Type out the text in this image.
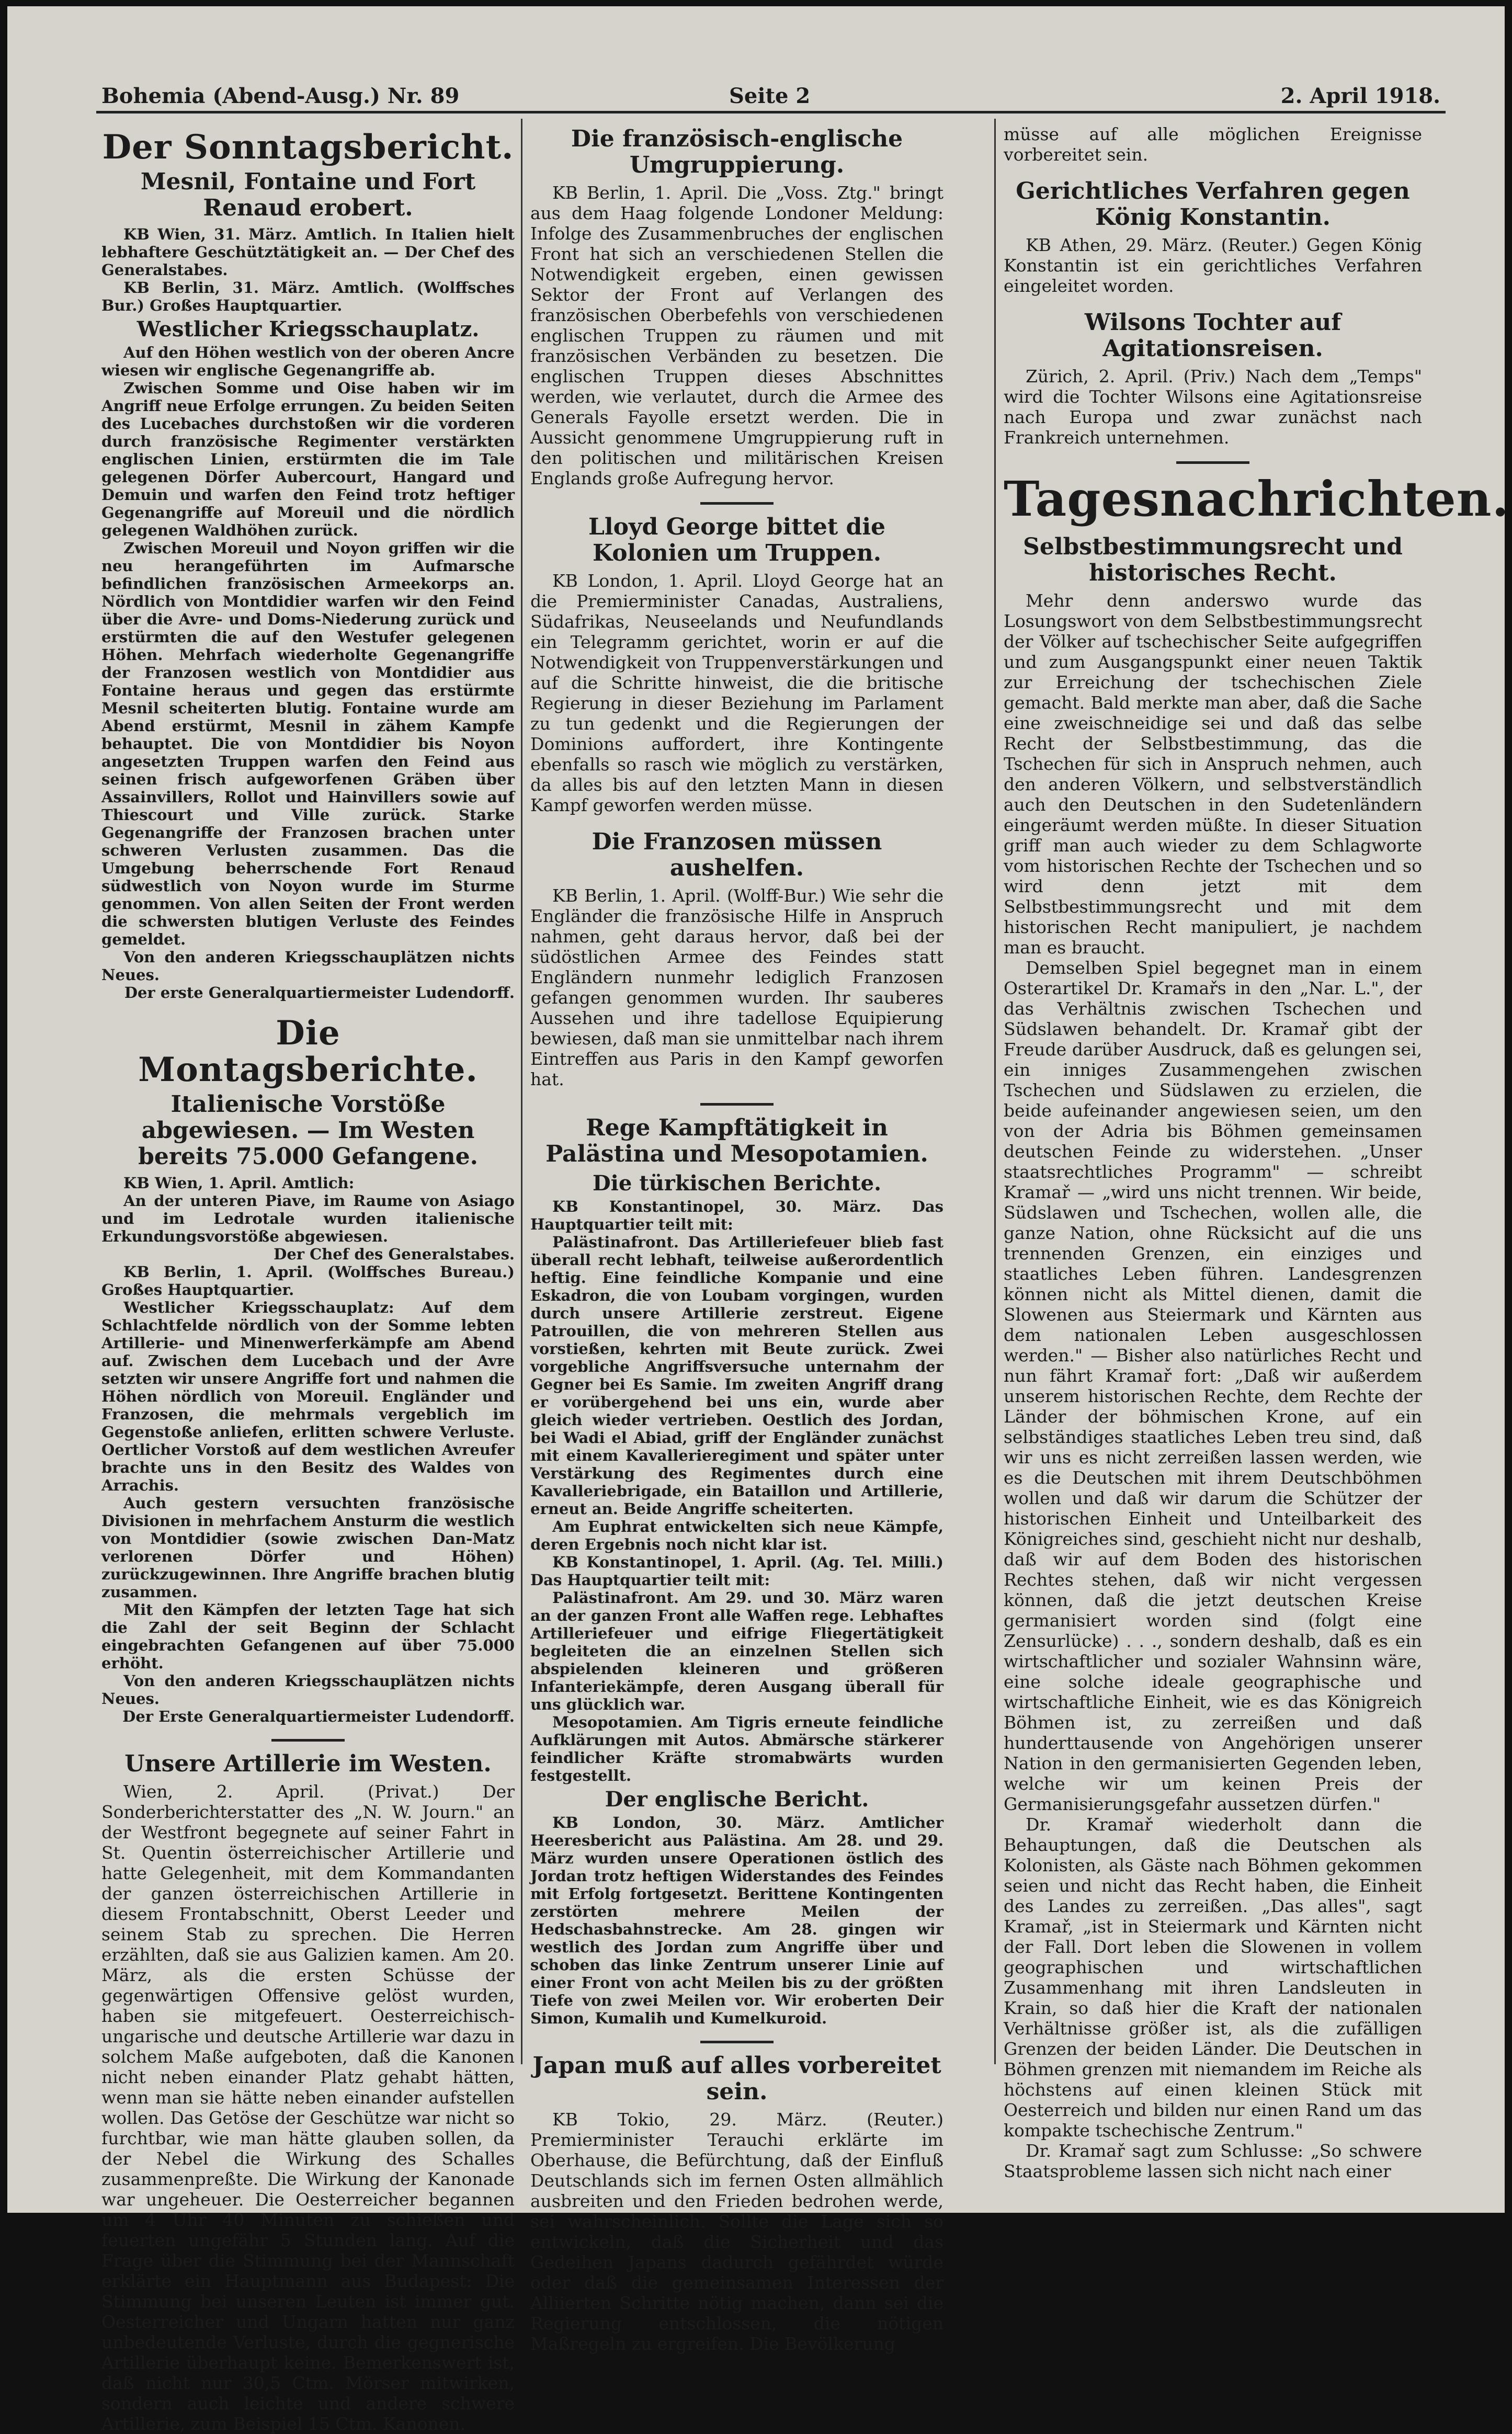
Bohemia (Abend-Ausg.) Nr. 89	Seite 2	2. April 1918.
Der Sonntagsbericht.
Mesnil, Fontaine und Fort Renaud erobert.

KB Wien, 31. März. Amtlich. In Italien hielt lebhaftere Geschütztätigkeit an. — Der Chef des Generalstabes.

KB Berlin, 31. März. Amtlich. (Wolffsches Bur.) Großes Hauptquartier.

Westlicher Kriegsschauplatz.

Auf den Höhen westlich von der oberen Ancre wiesen wir englische Gegenangriffe ab.

Zwischen Somme und Oise haben wir im Angriff neue Erfolge errungen. Zu beiden Seiten des Lucebaches durchstoßen wir die vorderen durch französische Regimenter verstärkten englischen Linien, erstürmten die im Tale gelegenen Dörfer Aubercourt, Hangard und Demuin und warfen den Feind trotz heftiger Gegenangriffe auf Moreuil und die nördlich gelegenen Waldhöhen zurück.

Zwischen Moreuil und Noyon griffen wir die neu herangeführten im Aufmarsche befindlichen französischen Armeekorps an. Nördlich von Montdidier warfen wir den Feind über die Avre- und Doms-Niederung zurück und erstürmten die auf den Westufer gelegenen Höhen. Mehrfach wiederholte Gegenangriffe der Franzosen westlich von Montdidier aus Fontaine heraus und gegen das erstürmte Mesnil scheiterten blutig. Fontaine wurde am Abend erstürmt, Mesnil in zähem Kampfe behauptet. Die von Montdidier bis Noyon angesetzten Truppen warfen den Feind aus seinen frisch aufgeworfenen Gräben über Assainvillers, Rollot und Hainvillers sowie auf Thiescourt und Ville zurück. Starke Gegenangriffe der Franzosen brachen unter schweren Verlusten zusammen. Das die Umgebung beherrschende Fort Renaud südwestlich von Noyon wurde im Sturme genommen. Von allen Seiten der Front werden die schwersten blutigen Verluste des Feindes gemeldet.

Von den anderen Kriegsschauplätzen nichts Neues.

Der erste Generalquartiermeister Ludendorff.

Die Montagsberichte.
Italienische Vorstöße abgewiesen. — Im Westen bereits 75.000 Gefangene.

KB Wien, 1. April. Amtlich:

An der unteren Piave, im Raume von Asiago und im Ledrotale wurden italienische Erkundungsvorstöße abgewiesen.

Der Chef des Generalstabes.

KB Berlin, 1. April. (Wolffsches Bureau.) Großes Hauptquartier.

Westlicher Kriegsschauplatz: Auf dem Schlachtfelde nördlich von der Somme lebten Artillerie- und Minenwerferkämpfe am Abend auf. Zwischen dem Lucebach und der Avre setzten wir unsere Angriffe fort und nahmen die Höhen nördlich von Moreuil. Engländer und Franzosen, die mehrmals vergeblich im Gegenstoße anliefen, erlitten schwere Verluste. Oertlicher Vorstoß auf dem westlichen Avreufer brachte uns in den Besitz des Waldes von Arrachis.

Auch gestern versuchten französische Divisionen in mehrfachem Ansturm die westlich von Montdidier (sowie zwischen Dan-Matz verlorenen Dörfer und Höhen) zurückzugewinnen. Ihre Angriffe brachen blutig zusammen.

Mit den Kämpfen der letzten Tage hat sich die Zahl der seit Beginn der Schlacht eingebrachten Gefangenen auf über 75.000 erhöht.

Von den anderen Kriegsschauplätzen nichts Neues.

Der Erste Generalquartiermeister Ludendorff.

Unsere Artillerie im Westen.

Wien, 2. April. (Privat.) Der Sonderberichterstatter des „N. W. Journ." an der Westfront begegnete auf seiner Fahrt in St. Quentin österreichischer Artillerie und hatte Gelegenheit, mit dem Kommandanten der ganzen österreichischen Artillerie in diesem Frontabschnitt, Oberst Leeder und seinem Stab zu sprechen. Die Herren erzählten, daß sie aus Galizien kamen. Am 20. März, als die ersten Schüsse der gegenwärtigen Offensive gelöst wurden, haben sie mitgefeuert. Oesterreichisch-ungarische und deutsche Artillerie war dazu in solchem Maße aufgeboten, daß die Kanonen nicht neben einander Platz gehabt hätten, wenn man sie hätte neben einander aufstellen wollen. Das Getöse der Geschütze war nicht so furchtbar, wie man hätte glauben sollen, da der Nebel die Wirkung des Schalles zusammenpreßte. Die Wirkung der Kanonade war ungeheuer. Die Oesterreicher begannen um 4 Uhr 40 Minuten zu schießen und feuerten ungefähr 5 Stunden lang. Auf die Frage über die Stimmung bei der Mannschaft erklärte ein Hauptmann aus Budapest: Die Stimmung bei unseren Leuten ist immer gut. Oesterreicher und Ungarn hatten nur ganz unbedeutende Verluste, durch die gegnerische Artillerie überhaupt keine. Bemerkenswert ist, daß nicht nur 30,5 Ctm. Mörser mitwirken, sondern auch leichte und andere schwere Artillerie, zum Beispiel 15 Ctm. Kanonen.

Die französisch-englische Umgruppierung.

KB Berlin, 1. April. Die „Voss. Ztg." bringt aus dem Haag folgende Londoner Meldung: Infolge des Zusammenbruches der englischen Front hat sich an verschiedenen Stellen die Notwendigkeit ergeben, einen gewissen Sektor der Front auf Verlangen des französischen Oberbefehls von verschiedenen englischen Truppen zu räumen und mit französischen Verbänden zu besetzen. Die englischen Truppen dieses Abschnittes werden, wie verlautet, durch die Armee des Generals Fayolle ersetzt werden. Die in Aussicht genommene Umgruppierung ruft in den politischen und militärischen Kreisen Englands große Aufregung hervor.

Lloyd George bittet die Kolonien um Truppen.

KB London, 1. April. Lloyd George hat an die Premierminister Canadas, Australiens, Südafrikas, Neuseelands und Neufundlands ein Telegramm gerichtet, worin er auf die Notwendigkeit von Truppenverstärkungen und auf die Schritte hinweist, die die britische Regierung in dieser Beziehung im Parlament zu tun gedenkt und die Regierungen der Dominions auffordert, ihre Kontingente ebenfalls so rasch wie möglich zu verstärken, da alles bis auf den letzten Mann in diesen Kampf geworfen werden müsse.

Die Franzosen müssen aushelfen.

KB Berlin, 1. April. (Wolff-Bur.) Wie sehr die Engländer die französische Hilfe in Anspruch nahmen, geht daraus hervor, daß bei der südöstlichen Armee des Feindes statt Engländern nunmehr lediglich Franzosen gefangen genommen wurden. Ihr sauberes Aussehen und ihre tadellose Equipierung bewiesen, daß man sie unmittelbar nach ihrem Eintreffen aus Paris in den Kampf geworfen hat.

Rege Kampftätigkeit in Palästina und Mesopotamien.
Die türkischen Berichte.

KB Konstantinopel, 30. März. Das Hauptquartier teilt mit:

Palästinafront. Das Artilleriefeuer blieb fast überall recht lebhaft, teilweise außerordentlich heftig. Eine feindliche Kompanie und eine Eskadron, die von Loubam vorgingen, wurden durch unsere Artillerie zerstreut. Eigene Patrouillen, die von mehreren Stellen aus vorstießen, kehrten mit Beute zurück. Zwei vorgebliche Angriffsversuche unternahm der Gegner bei Es Samie. Im zweiten Angriff drang er vorübergehend bei uns ein, wurde aber gleich wieder vertrieben. Oestlich des Jordan, bei Wadi el Abiad, griff der Engländer zunächst mit einem Kavallerieregiment und später unter Verstärkung des Regimentes durch eine Kavalleriebrigade, ein Bataillon und Artillerie, erneut an. Beide Angriffe scheiterten.

Am Euphrat entwickelten sich neue Kämpfe, deren Ergebnis noch nicht klar ist.

KB Konstantinopel, 1. April. (Ag. Tel. Milli.) Das Hauptquartier teilt mit:

Palästinafront. Am 29. und 30. März waren an der ganzen Front alle Waffen rege. Lebhaftes Artilleriefeuer und eifrige Fliegertätigkeit begleiteten die an einzelnen Stellen sich abspielenden kleineren und größeren Infanteriekämpfe, deren Ausgang überall für uns glücklich war.

Mesopotamien. Am Tigris erneute feindliche Aufklärungen mit Autos. Abmärsche stärkerer feindlicher Kräfte stromabwärts wurden festgestellt.

Der englische Bericht.

KB London, 30. März. Amtlicher Heeresbericht aus Palästina. Am 28. und 29. März wurden unsere Operationen östlich des Jordan trotz heftigen Widerstandes des Feindes mit Erfolg fortgesetzt. Berittene Kontingenten zerstörten mehrere Meilen der Hedschasbahnstrecke. Am 28. gingen wir westlich des Jordan zum Angriffe über und schoben das linke Zentrum unserer Linie auf einer Front von acht Meilen bis zu der größten Tiefe von zwei Meilen vor. Wir eroberten Deir Simon, Kumalih und Kumelkuroid.

Japan muß auf alles vorbereitet sein.

KB Tokio, 29. März. (Reuter.) Premierminister Terauchi erklärte im Oberhause, die Befürchtung, daß der Einfluß Deutschlands sich im fernen Osten allmählich ausbreiten und den Frieden bedrohen werde, sei wahrscheinlich. Sollte die Lage sich so entwickeln, daß die Sicherheit und das Gedeihen Japans dadurch gefährdet würde oder daß die gemeinsamen Interessen der Alliierten Schritte nötig machen, dann sei die Regierung entschlossen, die nötigen Maßregeln zu ergreifen. Die Bevölkerung

müsse auf alle möglichen Ereignisse vorbereitet sein.

Gerichtliches Verfahren gegen König Konstantin.

KB Athen, 29. März. (Reuter.) Gegen König Konstantin ist ein gerichtliches Verfahren eingeleitet worden.

Wilsons Tochter auf Agitationsreisen.

Zürich, 2. April. (Priv.) Nach dem „Temps" wird die Tochter Wilsons eine Agitationsreise nach Europa und zwar zunächst nach Frankreich unternehmen.

Tagesnachrichten.
Selbstbestimmungsrecht und historisches Recht.

Mehr denn anderswo wurde das Losungswort von dem Selbstbestimmungsrecht der Völker auf tschechischer Seite aufgegriffen und zum Ausgangspunkt einer neuen Taktik zur Erreichung der tschechischen Ziele gemacht. Bald merkte man aber, daß die Sache eine zweischneidige sei und daß das selbe Recht der Selbstbestimmung, das die Tschechen für sich in Anspruch nehmen, auch den anderen Völkern, und selbstverständlich auch den Deutschen in den Sudetenländern eingeräumt werden müßte. In dieser Situation griff man auch wieder zu dem Schlagworte vom historischen Rechte der Tschechen und so wird denn jetzt mit dem Selbstbestimmungsrecht und mit dem historischen Recht manipuliert, je nachdem man es braucht.

Demselben Spiel begegnet man in einem Osterartikel Dr. Kramařs in den „Nar. L.", der das Verhältnis zwischen Tschechen und Südslawen behandelt. Dr. Kramař gibt der Freude darüber Ausdruck, daß es gelungen sei, ein inniges Zusammengehen zwischen Tschechen und Südslawen zu erzielen, die beide aufeinander angewiesen seien, um den von der Adria bis Böhmen gemeinsamen deutschen Feinde zu widerstehen. „Unser staatsrechtliches Programm" — schreibt Kramař — „wird uns nicht trennen. Wir beide, Südslawen und Tschechen, wollen alle, die ganze Nation, ohne Rücksicht auf die uns trennenden Grenzen, ein einziges und staatliches Leben führen. Landesgrenzen können nicht als Mittel dienen, damit die Slowenen aus Steiermark und Kärnten aus dem nationalen Leben ausgeschlossen werden." — Bisher also natürliches Recht und nun fährt Kramař fort: „Daß wir außerdem unserem historischen Rechte, dem Rechte der Länder der böhmischen Krone, auf ein selbständiges staatliches Leben treu sind, daß wir uns es nicht zerreißen lassen werden, wie es die Deutschen mit ihrem Deutschböhmen wollen und daß wir darum die Schützer der historischen Einheit und Unteilbarkeit des Königreiches sind, geschieht nicht nur deshalb, daß wir auf dem Boden des historischen Rechtes stehen, daß wir nicht vergessen können, daß die jetzt deutschen Kreise germanisiert worden sind (folgt eine Zensurlücke) . . ., sondern deshalb, daß es ein wirtschaftlicher und sozialer Wahnsinn wäre, eine solche ideale geographische und wirtschaftliche Einheit, wie es das Königreich Böhmen ist, zu zerreißen und daß hunderttausende von Angehörigen unserer Nation in den germanisierten Gegenden leben, welche wir um keinen Preis der Germanisierungsgefahr aussetzen dürfen."

Dr. Kramař wiederholt dann die Behauptungen, daß die Deutschen als Kolonisten, als Gäste nach Böhmen gekommen seien und nicht das Recht haben, die Einheit des Landes zu zerreißen. „Das alles", sagt Kramař, „ist in Steiermark und Kärnten nicht der Fall. Dort leben die Slowenen in vollem geographischen und wirtschaftlichen Zusammenhang mit ihren Landsleuten in Krain, so daß hier die Kraft der nationalen Verhältnisse größer ist, als die zufälligen Grenzen der beiden Länder. Die Deutschen in Böhmen grenzen mit niemandem im Reiche als höchstens auf einen kleinen Stück mit Oesterreich und bilden nur einen Rand um das kompakte tschechische Zentrum."

Dr. Kramař sagt zum Schlusse: „So schwere Staatsprobleme lassen sich nicht nach einer
